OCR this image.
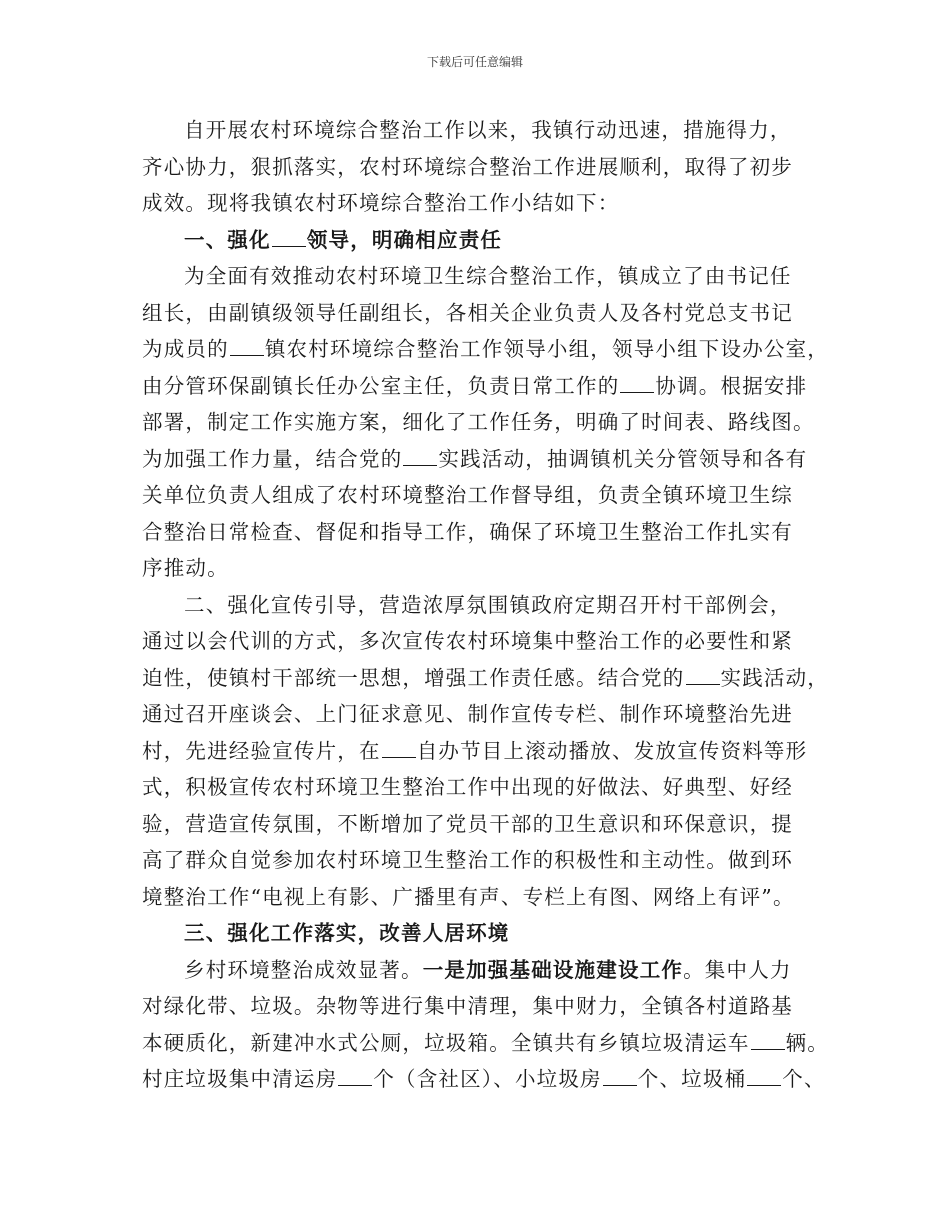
下载后可任意编辑
自开展农村环境综合整治工作以来，我镇行动迅速，措施得力，
齐心协力，狠抓落实，农村环境综合整治工作进展顺利，取得了初步
成效。现将我镇农村环境综合整治工作小结如下：
一、强化 领导，明确相应责任
为全面有效推动农村环境卫生综合整治工作，镇成立了由书记任
组长，由副镇级领导任副组长，各相关企业负责人及各村党总支书记
为成员的 镇农村环境综合整治工作领导小组，领导小组下设办公室，
由分管环保副镇长任办公室主任，负责日常工作的 协调。根据安排
部署，制定工作实施方案，细化了工作任务，明确了时间表、路线图。
为加强工作力量，结合党的 实践活动，抽调镇机关分管领导和各有
关单位负责人组成了农村环境整治工作督导组，负责全镇环境卫生综
合整治日常检查、督促和指导工作，确保了环境卫生整治工作扎实有
序推动。
二、强化宣传引导，营造浓厚氛围镇政府定期召开村干部例会，
通过以会代训的方式，多次宣传农村环境集中整治工作的必要性和紧
迫性，使镇村干部统一思想，增强工作责任感。结合党的 实践活动，
通过召开座谈会、上门征求意见、制作宣传专栏、制作环境整治先进
村，先进经验宣传片，在 自办节目上滚动播放、发放宣传资料等形
式，积极宣传农村环境卫生整治工作中出现的好做法、好典型、好经
验，营造宣传氛围，不断增加了党员干部的卫生意识和环保意识，提
高了群众自觉参加农村环境卫生整治工作的积极性和主动性。做到环
境整治工作“电视上有影、广播里有声、专栏上有图、网络上有评”。
三、强化工作落实，改善人居环境
乡村环境整治成效显著。一是加强基础设施建设工作。集中人力
对绿化带、垃圾。杂物等进行集中清理，集中财力，全镇各村道路基
本硬质化，新建冲水式公厕，垃圾箱。全镇共有乡镇垃圾清运车 辆。
村庄垃圾集中清运房 个（含社区）、小垃圾房 个、垃圾桶 个、
